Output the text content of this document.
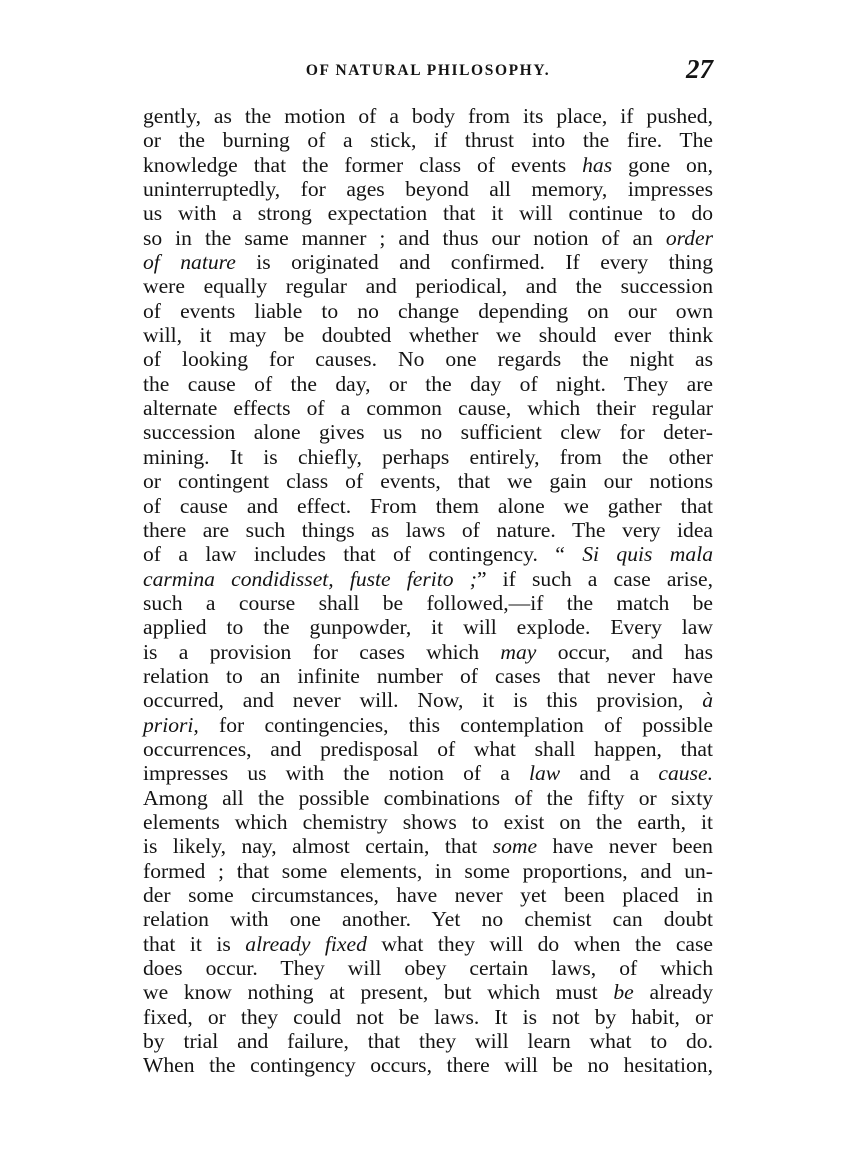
OF NATURAL PHILOSOPHY.	27
gently, as the motion of a body from its place, if pushed,
or the burning of a stick, if thrust into the fire. The
knowledge that the former class of events has gone on,
uninterruptedly, for ages beyond all memory, impresses
us with a strong expectation that it will continue to do
so in the same manner ; and thus our notion of an order
of nature is originated and confirmed. If every thing
were equally regular and periodical, and the succession
of events liable to no change depending on our own
will, it may be doubted whether we should ever think
of looking for causes. No one regards the night as
the cause of the day, or the day of night. They are
alternate effects of a common cause, which their regular
succession alone gives us no sufficient clew for deter-
mining. It is chiefly, perhaps entirely, from the other
or contingent class of events, that we gain our notions
of cause and effect. From them alone we gather that
there are such things as laws of nature. The very idea
of a law includes that of contingency. “ Si quis mala
carmina condidisset, fuste ferito ;” if such a case arise,
such a course shall be followed,—if the match be
applied to the gunpowder, it will explode. Every law
is a provision for cases which may occur, and has
relation to an infinite number of cases that never have
occurred, and never will. Now, it is this provision, à
priori, for contingencies, this contemplation of possible
occurrences, and predisposal of what shall happen, that
impresses us with the notion of a law and a cause.
Among all the possible combinations of the fifty or sixty
elements which chemistry shows to exist on the earth, it
is likely, nay, almost certain, that some have never been
formed ; that some elements, in some proportions, and un-
der some circumstances, have never yet been placed in
relation with one another. Yet no chemist can doubt
that it is already fixed what they will do when the case
does occur. They will obey certain laws, of which
we know nothing at present, but which must be already
fixed, or they could not be laws. It is not by habit, or
by trial and failure, that they will learn what to do.
When the contingency occurs, there will be no hesitation,
